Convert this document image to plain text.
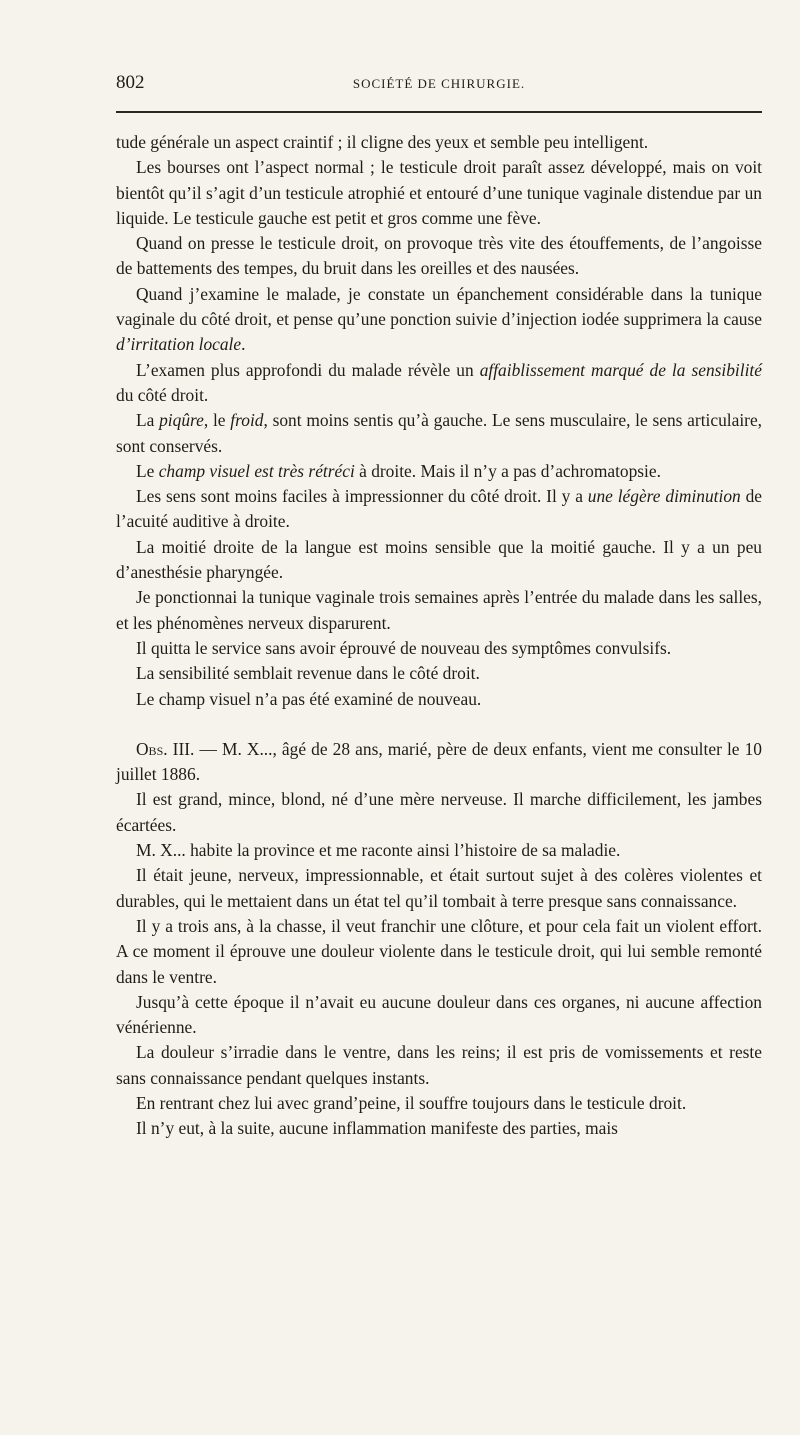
802	SOCIÉTÉ DE CHIRURGIE.

tude générale un aspect craintif ; il cligne des yeux et semble peu intelligent.

Les bourses ont l’aspect normal ; le testicule droit paraît assez développé, mais on voit bientôt qu’il s’agit d’un testicule atrophié et entouré d’une tunique vaginale distendue par un liquide. Le testicule gauche est petit et gros comme une fève.

Quand on presse le testicule droit, on provoque très vite des étouffements, de l’angoisse de battements des tempes, du bruit dans les oreilles et des nausées.

Quand j’examine le malade, je constate un épanchement considérable dans la tunique vaginale du côté droit, et pense qu’une ponction suivie d’injection iodée supprimera la cause d’irritation locale.

L’examen plus approfondi du malade révèle un affaiblissement marqué de la sensibilité du côté droit.

La piqûre, le froid, sont moins sentis qu’à gauche. Le sens musculaire, le sens articulaire, sont conservés.

Le champ visuel est très rétréci à droite. Mais il n’y a pas d’achromatopsie.

Les sens sont moins faciles à impressionner du côté droit. Il y a une légère diminution de l’acuité auditive à droite.

La moitié droite de la langue est moins sensible que la moitié gauche. Il y a un peu d’anesthésie pharyngée.

Je ponctionnai la tunique vaginale trois semaines après l’entrée du malade dans les salles, et les phénomènes nerveux disparurent.

Il quitta le service sans avoir éprouvé de nouveau des symptômes convulsifs.

La sensibilité semblait revenue dans le côté droit.

Le champ visuel n’a pas été examiné de nouveau.

Obs. III. — M. X..., âgé de 28 ans, marié, père de deux enfants, vient me consulter le 10 juillet 1886.

Il est grand, mince, blond, né d’une mère nerveuse. Il marche difficilement, les jambes écartées.

M. X... habite la province et me raconte ainsi l’histoire de sa maladie.

Il était jeune, nerveux, impressionnable, et était surtout sujet à des colères violentes et durables, qui le mettaient dans un état tel qu’il tombait à terre presque sans connaissance.

Il y a trois ans, à la chasse, il veut franchir une clôture, et pour cela fait un violent effort. A ce moment il éprouve une douleur violente dans le testicule droit, qui lui semble remonté dans le ventre.

Jusqu’à cette époque il n’avait eu aucune douleur dans ces organes, ni aucune affection vénérienne.

La douleur s’irradie dans le ventre, dans les reins; il est pris de vomissements et reste sans connaissance pendant quelques instants.

En rentrant chez lui avec grand’peine, il souffre toujours dans le testicule droit.

Il n’y eut, à la suite, aucune inflammation manifeste des parties, mais
